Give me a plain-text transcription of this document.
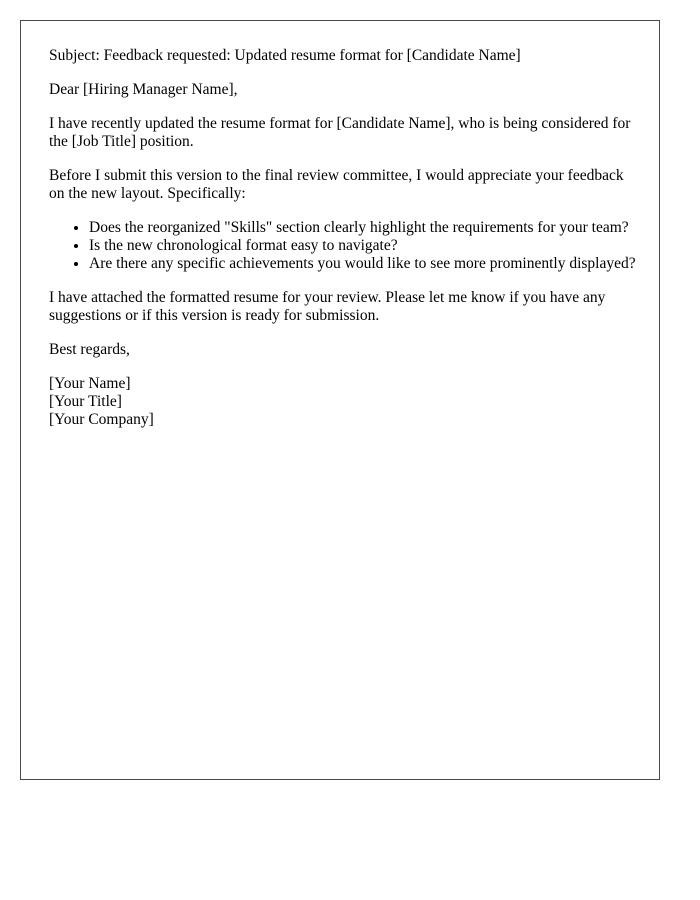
Subject: Feedback requested: Updated resume format for [Candidate Name]

Dear [Hiring Manager Name],

I have recently updated the resume format for [Candidate Name], who is being considered for the [Job Title] position.

Before I submit this version to the final review committee, I would appreciate your feedback on the new layout. Specifically:

• Does the reorganized "Skills" section clearly highlight the requirements for your team?
• Is the new chronological format easy to navigate?
• Are there any specific achievements you would like to see more prominently displayed?

I have attached the formatted resume for your review. Please let me know if you have any suggestions or if this version is ready for submission.

Best regards,

[Your Name]

[Your Title]

[Your Company]
